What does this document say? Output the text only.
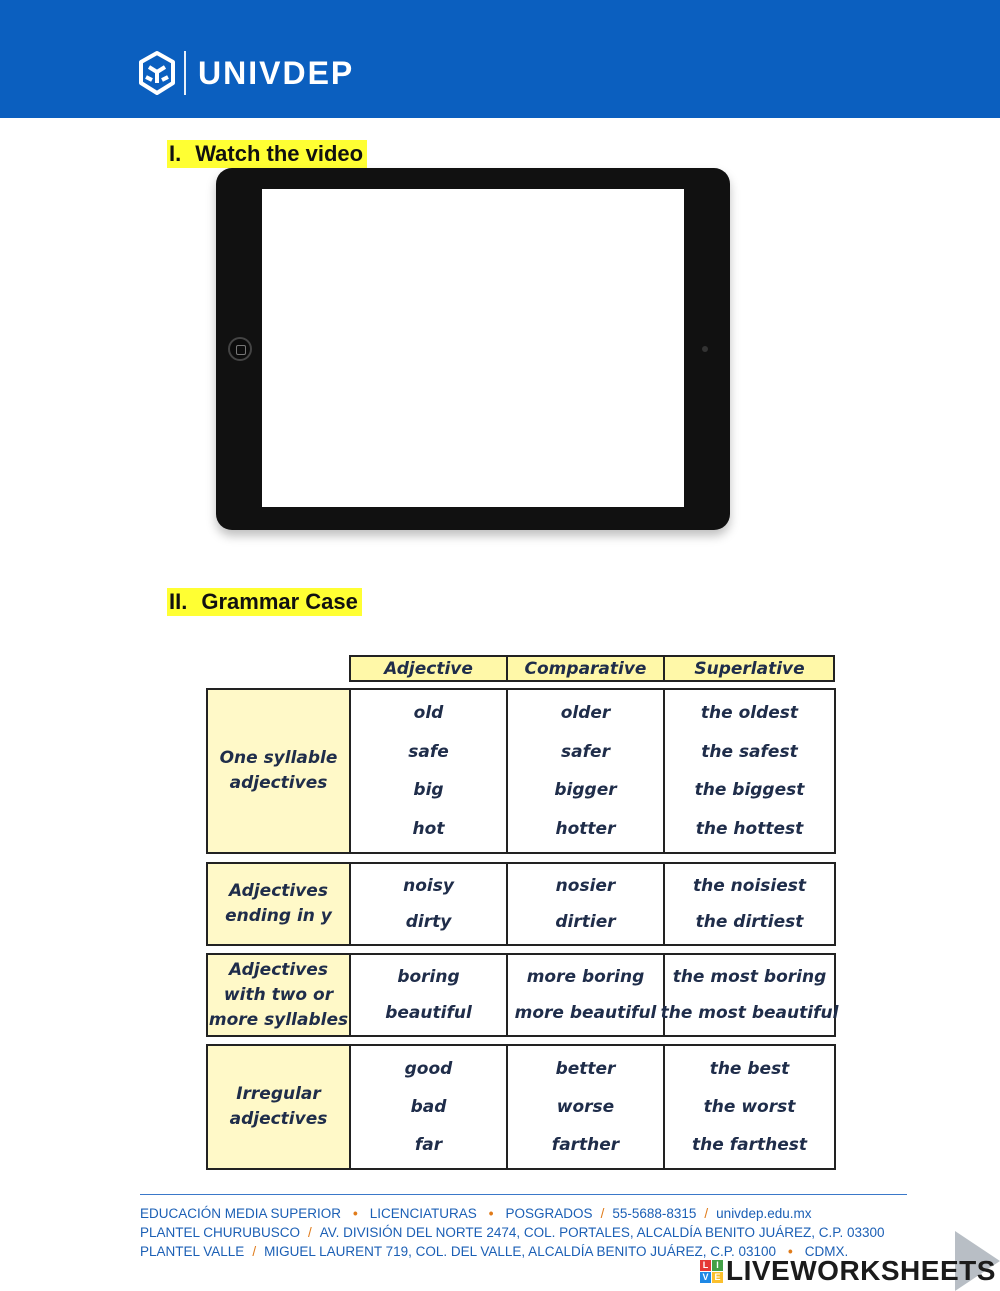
UNIVDEP
I. Watch the video
II. Grammar Case
Adjective	Comparative	Superlative
One syllable adjectives
old
safe
big
hot
older
safer
bigger
hotter
the oldest
the safest
the biggest
the hottest
Adjectives ending in y
noisy
dirty
nosier
dirtier
the noisiest
the dirtiest
Adjectives with two or more syllables
boring
beautiful
more boring
more beautiful
the most boring
the most beautiful
Irregular adjectives
good
bad
far
better
worse
farther
the best
the worst
the farthest
EDUCACIÓN MEDIA SUPERIOR • LICENCIATURAS • POSGRADOS / 55-5688-8315 / univdep.edu.mx
PLANTEL CHURUBUSCO / AV. DIVISIÓN DEL NORTE 2474, COL. PORTALES, ALCALDÍA BENITO JUÁREZ, C.P. 03300
PLANTEL VALLE / MIGUEL LAURENT 719, COL. DEL VALLE, ALCALDÍA BENITO JUÁREZ, C.P. 03100 • CDMX.
L I
V E LIVEWORKSHEETS
